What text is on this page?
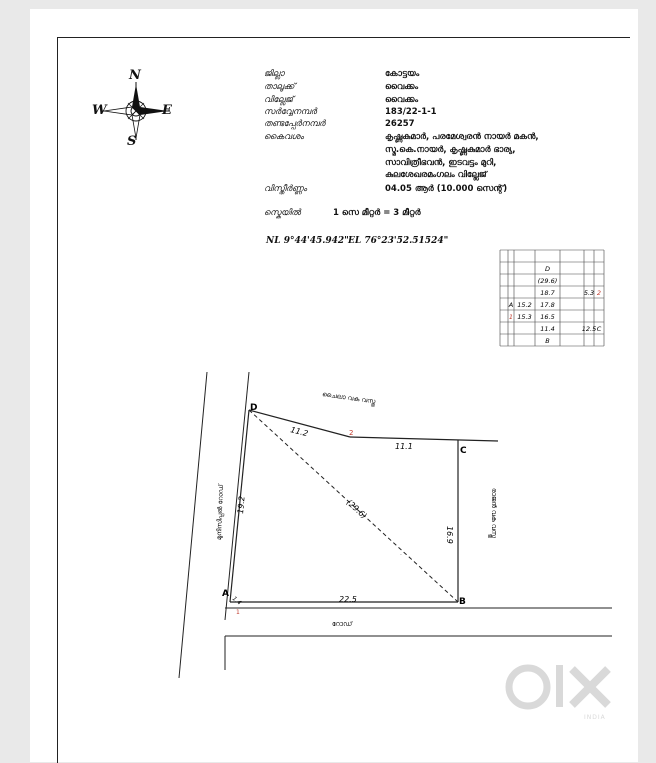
N
S
E
W
ജില്ലാ	കോട്ടയം
താലൂക്ക്	വൈക്കം
വില്ലേജ്	വൈക്കം
സർവ്വേനമ്പർ	183/22-1-1
തണ്ടപ്പേർനമ്പർ	26257
കൈവശം	കൃഷ്ണകുമാർ, പരമേശ്വരൻ നായർ മകൻ,
സ്മ.കെ.നായർ, കൃഷ്ണകുമാർ ഭാര്യ,
സാവിത്രീഭവൻ, ഇടവട്ടം മുറി,
കുലശേഖരമംഗലം വില്ലേജ്
വിസ്തീർണ്ണം	04.05 ആർ (10.000 സെന്റ്)
സ്കെയിൽ	1 സെ മീറ്റർ = 3 മീറ്റർ
NL 9°44'45.942" EL 76°23'52.51524"
D
(29.6)
18.7	5.3 2
A 15.2 17.8
1 15.3 16.5
11.4	12.5 C
B
D
C
B
A
2
1
11.2
11.1
16.9
22.5
19.2	(29.6)
1.4
ചൈലാ വക വസ്തു
മുനിസിപ്പൽ റോഡ്	രാജൻ വക വസ്തു
റോഡ്
OLX
INDIA
